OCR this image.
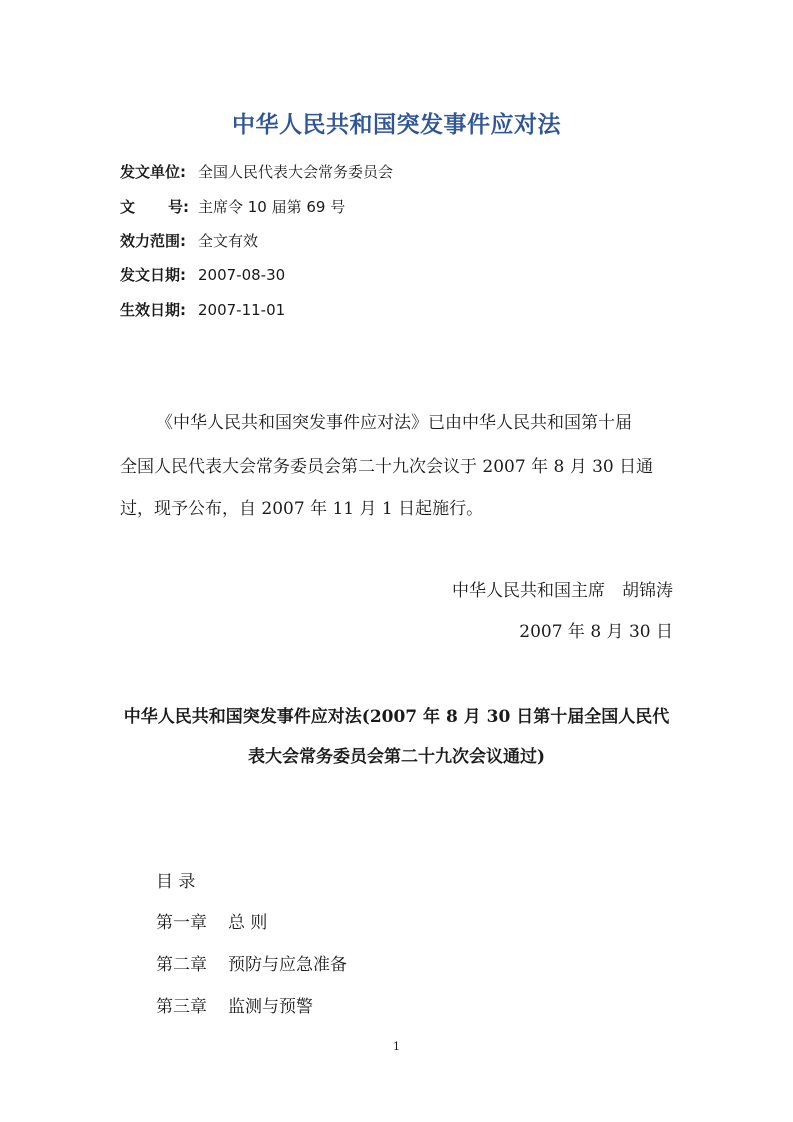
中华人民共和国突发事件应对法
发文单位: 全国人民代表大会常务委员会
文 号: 主席令 10 届第 69 号
效力范围: 全文有效
发文日期: 2007-08-30
生效日期: 2007-11-01
《中华人民共和国突发事件应对法》已由中华人民共和国第十届
全国人民代表大会常务委员会第二十九次会议于 2007 年 8 月 30 日通
过，现予公布，自 2007 年 11 月 1 日起施行。
中华人民共和国主席　胡锦涛
2007 年 8 月 30 日
中华人民共和国突发事件应对法(2007 年 8 月 30 日第十届全国人民代
表大会常务委员会第二十九次会议通过)
目 录
第一章 总 则
第二章 预防与应急准备
第三章 监测与预警
1
